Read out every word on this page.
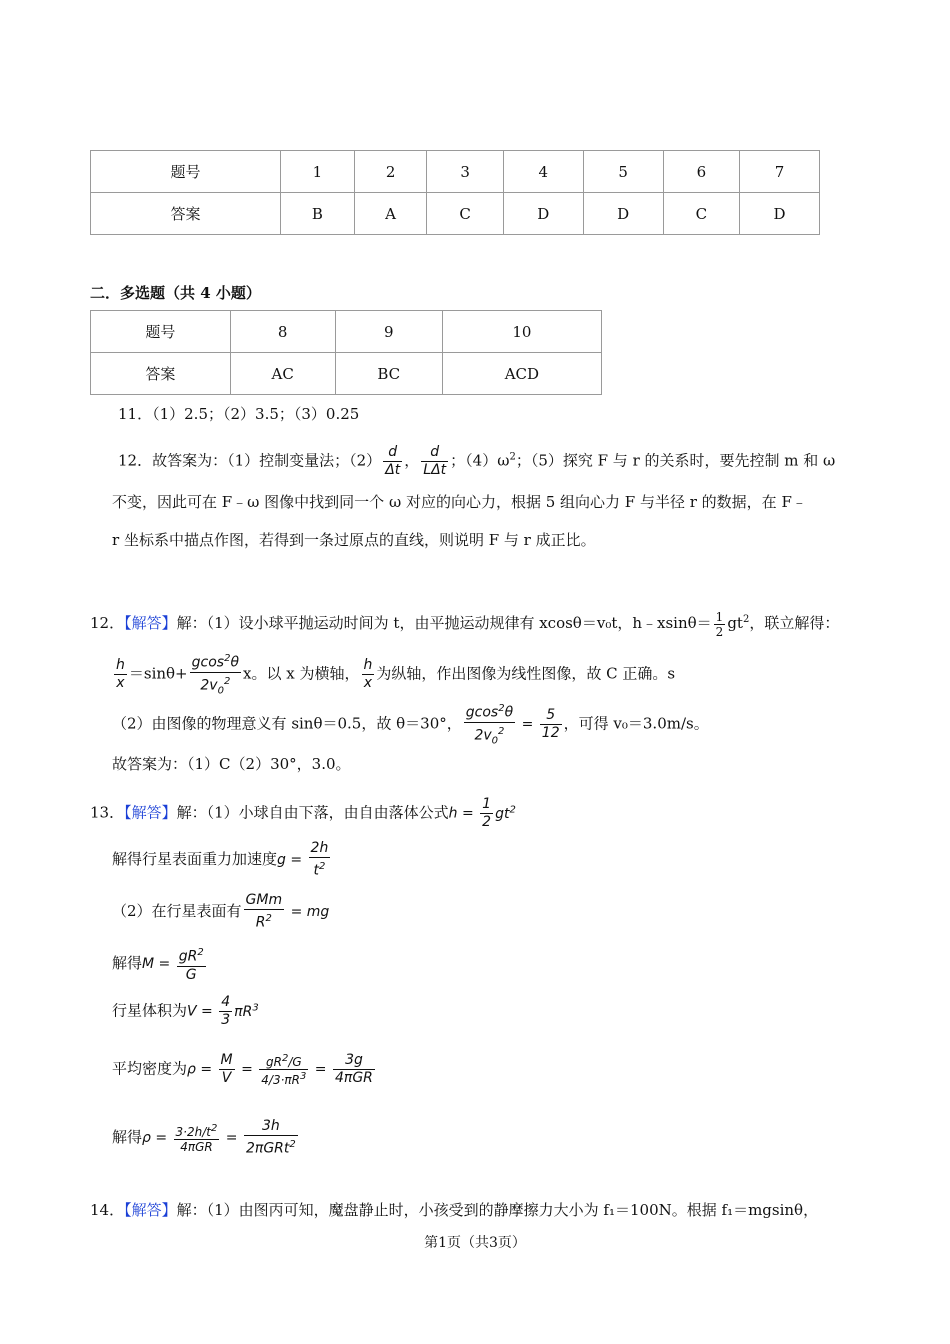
题号	1	2	3	4	5	6	7
答案	B	A	C	D	D	C	D
二．多选题（共 4 小题）
题号	8	9	10
答案	AC	BC	ACD
11．（1）2.5；（2）3.5；（3）0.25
12．故答案为：（1）控制变量法；$(2) \frac{d}{\Delta t}$ ， $\frac{d}{\text{LΔt}}$ ；$(4)\omega^2$；（5）探究 F 与 r 的关系时，要先控制 m 和 ω
不变，因此可在 F﹣ω 图像中找到同一个 ω 对应的向心力，根据 5 组向心力 F 与半径 r 的数据，在 F﹣
r 坐标系中描点作图，若得到一条过原点的直线，则说明 F 与 r 成正比。
12．【解答】解：（1）设小球平抛运动时间为 t，由平抛运动规律有 xcosθ＝v₀t，h﹣xsinθ＝ $\frac{1}{2} gt^2$，联立解得：
$\frac{h}{x} =\sin\theta+ \frac{gcos^2\theta}{2v_0^2}$ x。以 x 为横轴， $\frac{h}{x}$ 为纵轴，作出图像为线性图像，故 C 正确。s
（2）由图像的物理意义有 sinθ＝0.5，故 θ＝30°， $\frac{gcos^2\theta}{2v_0^2} = \frac{5}{12}$ ，可得 v₀＝3.0m/s。
故答案为：（1）C（2）30°，3.0。
13．【解答】解：（1）小球自由下落，由自由落体公式$h = \frac{1}{2} gt^2$
解得行星表面重力加速度$g = \frac{2h}{t^2}$
（2）在行星表面有 $\frac{\text{GMm}}{R^2}$ = mg
解得$M = \frac{gR^2}{G}$
行星体积为$V = \frac{4}{3} \pi R^3$
平均密度为$\rho = \frac{M}{V} = \frac{gR^2/G}{4/3\cdot\pi R^3} = \frac{3g}{\text{4πGR}}$
解得$\rho = \frac{3\cdot 2h/t^2}{\text{4πGR}} = \frac{3h}{2\pi GRt^2}$
14．【解答】解：（1）由图丙可知，魔盘静止时，小孩受到的静摩擦力大小为 f₁＝100N。根据 f₁＝mgsinθ，
第1页（共3页）
